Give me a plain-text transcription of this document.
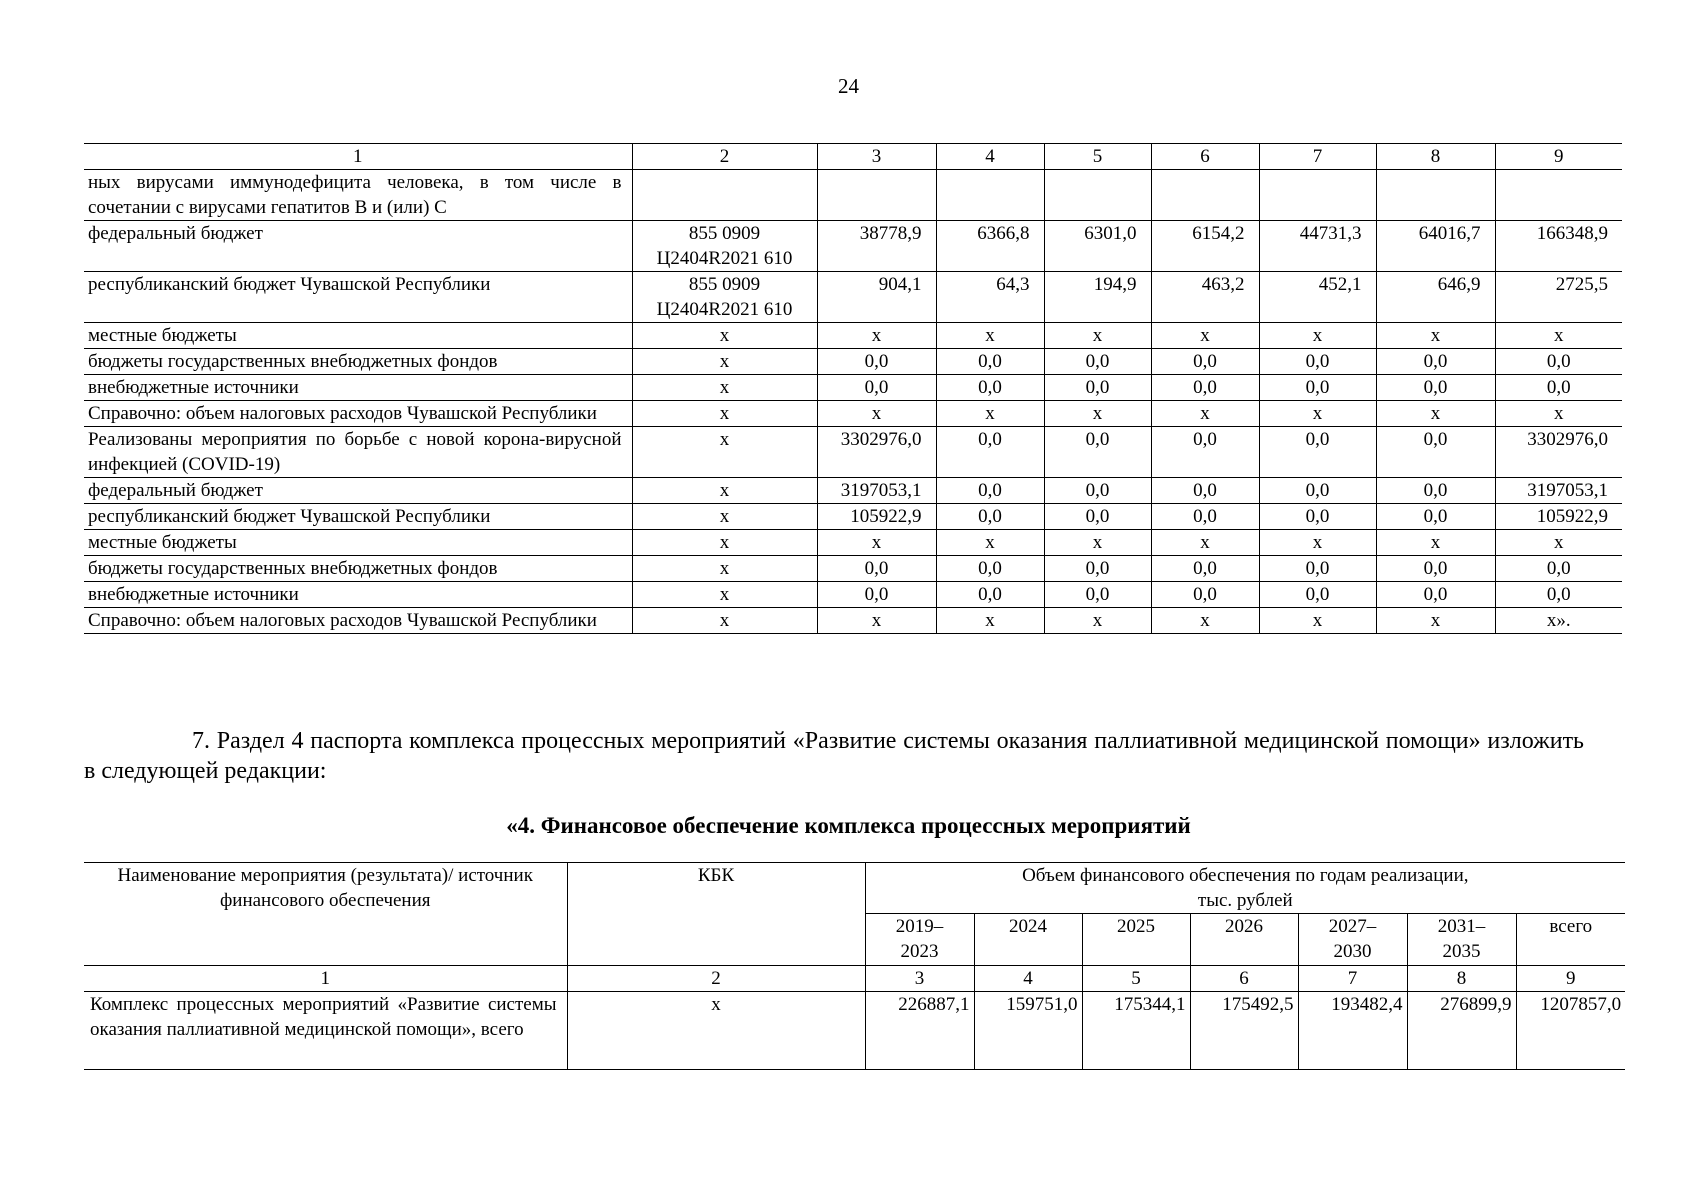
24
1	2	3	4	5	6	7	8	9
ных вирусами иммунодефицита человека, в том числе в сочетании с вирусами гепатитов B и (или) C								
федеральный бюджет	855 0909 Ц2404R2021 610	38778,9	6366,8	6301,0	6154,2	44731,3	64016,7	166348,9
республиканский бюджет Чувашской Республики	855 0909 Ц2404R2021 610	904,1	64,3	194,9	463,2	452,1	646,9	2725,5
местные бюджеты	x	x	x	x	x	x	x	x
бюджеты государственных внебюджетных фондов	x	0,0	0,0	0,0	0,0	0,0	0,0	0,0
внебюджетные источники	x	0,0	0,0	0,0	0,0	0,0	0,0	0,0
Справочно: объем налоговых расходов Чувашской Республики	x	x	x	x	x	x	x	x
Реализованы мероприятия по борьбе с новой корона-вирусной инфекцией (COVID-19)	x	3302976,0	0,0	0,0	0,0	0,0	0,0	3302976,0
федеральный бюджет	x	3197053,1	0,0	0,0	0,0	0,0	0,0	3197053,1
республиканский бюджет Чувашской Республики	x	105922,9	0,0	0,0	0,0	0,0	0,0	105922,9
местные бюджеты	x	x	x	x	x	x	x	x
бюджеты государственных внебюджетных фондов	x	0,0	0,0	0,0	0,0	0,0	0,0	0,0
внебюджетные источники	x	0,0	0,0	0,0	0,0	0,0	0,0	0,0
Справочно: объем налоговых расходов Чувашской Республики	x	x	x	x	x	x	x	x».
7. Раздел 4 паспорта комплекса процессных мероприятий «Развитие системы оказания паллиативной медицинской помощи» изложить в следующей редакции:
«4. Финансовое обеспечение комплекса процессных мероприятий
Наименование мероприятия (результата)/ источник финансового обеспечения	КБК	Объем финансового обеспечения по годам реализации, тыс. рублей						
		2019–2023	2024	2025	2026	2027–2030	2031–2035	всего
1	2	3	4	5	6	7	8	9
Комплекс процессных мероприятий «Развитие системы оказания паллиативной медицинской помощи», всего	x	226887,1	159751,0	175344,1	175492,5	193482,4	276899,9	1207857,0
